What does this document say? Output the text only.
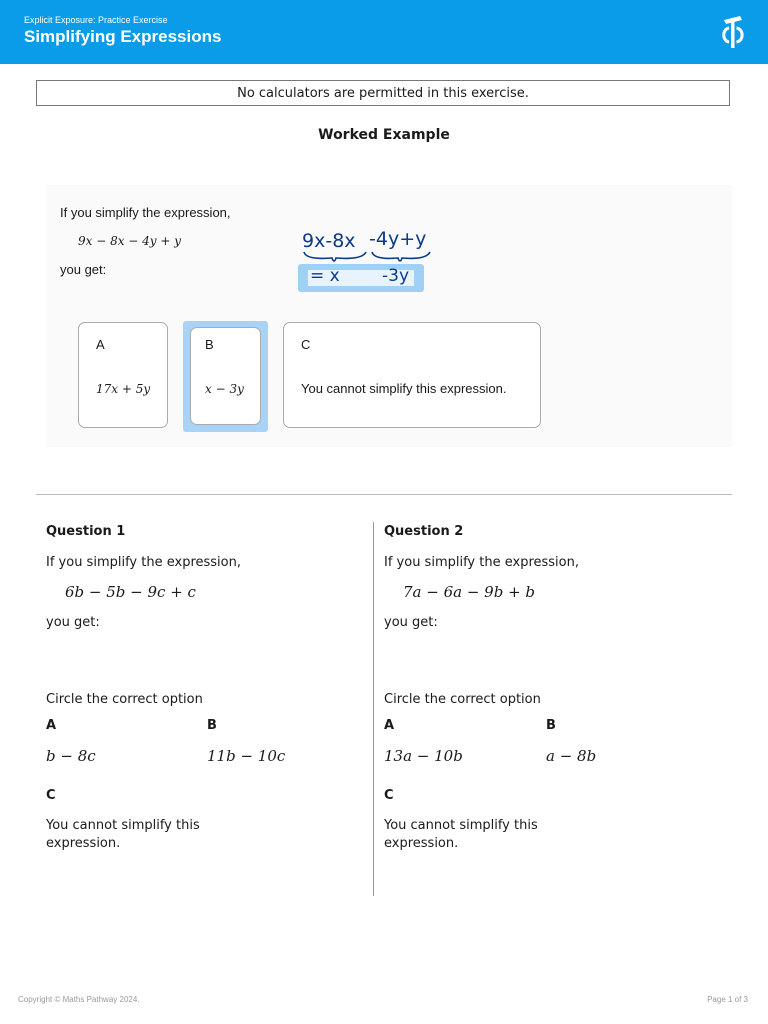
Explicit Exposure: Practice Exercise
Simplifying Expressions
No calculators are permitted in this exercise.
Worked Example
If you simplify the expression,
9x − 8x − 4y + y
you get:
9x-8x -4y+y
= x -3y
A
17x + 5y
B
x − 3y
C
You cannot simplify this expression.
Question 1
If you simplify the expression,
6b − 5b − 9c + c
you get:
Circle the correct option
A
b − 8c
B
11b − 10c
C
You cannot simplify this
expression.
Question 2
If you simplify the expression,
7a − 6a − 9b + b
you get:
Circle the correct option
A
13a − 10b
B
a − 8b
C
You cannot simplify this
expression.
Copyright © Maths Pathway 2024.	Page 1 of 3
